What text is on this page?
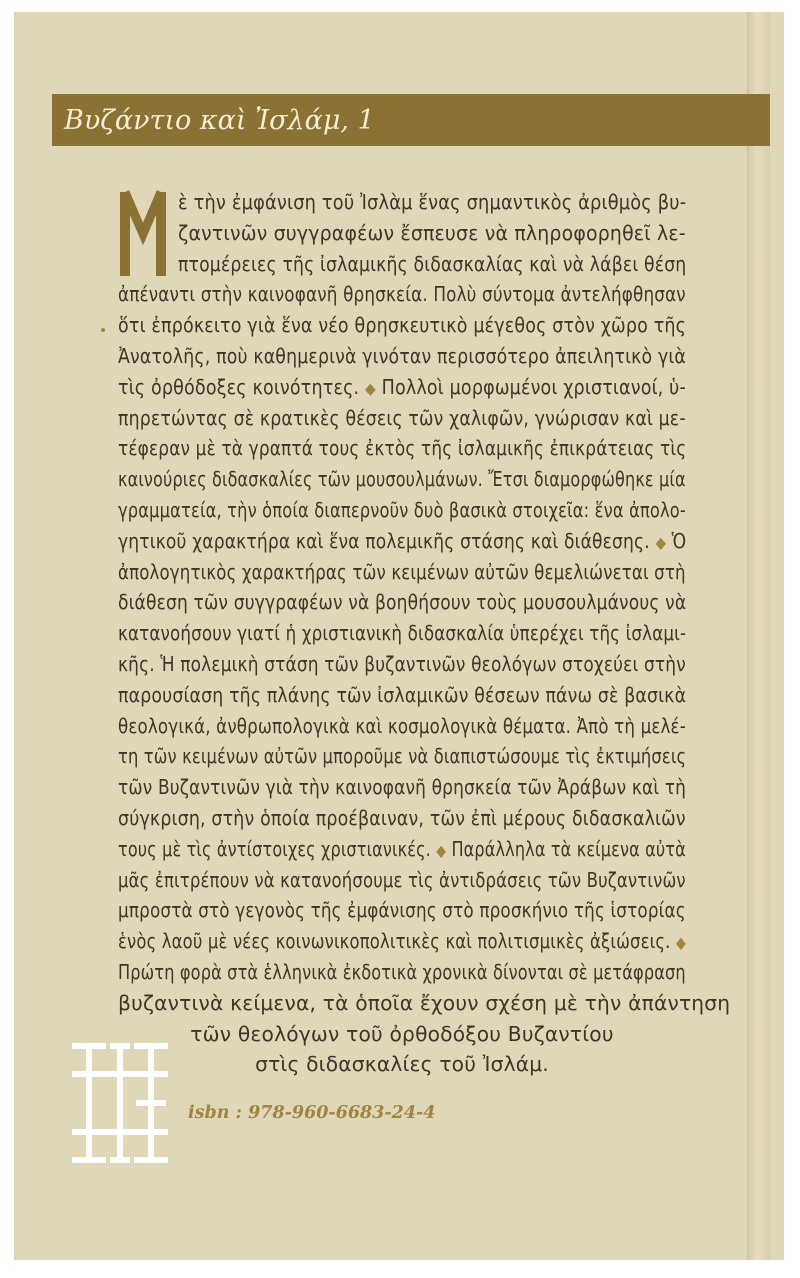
Βυζάντιο καὶ Ἰσλάμ, 1
ὲ τὴν ἐμφάνιση τοῦ Ἰσλὰμ ἕνας σημαντικὸς ἀριθμὸς βυ-
ζαντινῶν συγγραφέων ἔσπευσε νὰ πληροφορηθεῖ λε-
πτομέρειες τῆς ἰσλαμικῆς διδασκαλίας καὶ νὰ λάβει θέση
ἀπέναντι στὴν καινοφανῆ θρησκεία. Πολὺ σύντομα ἀντελήφθησαν
ὅτι ἐπρόκειτο γιὰ ἕνα νέο θρησκευτικὸ μέγεθος στὸν χῶρο τῆς
Ἀνατολῆς, ποὺ καθημερινὰ γινόταν περισσότερο ἀπειλητικὸ γιὰ
τὶς ὀρθόδοξες κοινότητες. ◆ Πολλοὶ μορφωμένοι χριστιανοί, ὑ-
πηρετώντας σὲ κρατικὲς θέσεις τῶν χαλιφῶν, γνώρισαν καὶ με-
τέφεραν μὲ τὰ γραπτά τους ἐκτὸς τῆς ἰσλαμικῆς ἐπικράτειας τὶς
καινούριες διδασκαλίες τῶν μουσουλμάνων. Ἔτσι διαμορφώθηκε μία
γραμματεία, τὴν ὁποία διαπερνοῦν δυὸ βασικὰ στοιχεῖα: ἕνα ἀπολο-
γητικοῦ χαρακτήρα καὶ ἕνα πολεμικῆς στάσης καὶ διάθεσης. ◆ Ὁ
ἀπολογητικὸς χαρακτήρας τῶν κειμένων αὐτῶν θεμελιώνεται στὴ
διάθεση τῶν συγγραφέων νὰ βοηθήσουν τοὺς μουσουλμάνους νὰ
κατανοήσουν γιατί ἡ χριστιανικὴ διδασκαλία ὑπερέχει τῆς ἰσλαμι-
κῆς. Ἡ πολεμικὴ στάση τῶν βυζαντινῶν θεολόγων στοχεύει στὴν
παρουσίαση τῆς πλάνης τῶν ἰσλαμικῶν θέσεων πάνω σὲ βασικὰ
θεολογικά, ἀνθρωπολογικὰ καὶ κοσμολογικὰ θέματα. Ἀπὸ τὴ μελέ-
τη τῶν κειμένων αὐτῶν μποροῦμε νὰ διαπιστώσουμε τὶς ἐκτιμήσεις
τῶν Βυζαντινῶν γιὰ τὴν καινοφανῆ θρησκεία τῶν Ἀράβων καὶ τὴ
σύγκριση, στὴν ὁποία προέβαιναν, τῶν ἐπὶ μέρους διδασκαλιῶν
τους μὲ τὶς ἀντίστοιχες χριστιανικές. ◆ Παράλληλα τὰ κείμενα αὐτὰ
μᾶς ἐπιτρέπουν νὰ κατανοήσουμε τὶς ἀντιδράσεις τῶν Βυζαντινῶν
μπροστὰ στὸ γεγονὸς τῆς ἐμφάνισης στὸ προσκήνιο τῆς ἱστορίας
ἑνὸς λαοῦ μὲ νέες κοινωνικοπολιτικὲς καὶ πολιτισμικὲς ἀξιώσεις. ◆
Πρώτη φορὰ στὰ ἑλληνικὰ ἐκδοτικὰ χρονικὰ δίνονται σὲ μετάφραση
βυζαντινὰ κείμενα, τὰ ὁποῖα ἔχουν σχέση μὲ τὴν ἀπάντηση
τῶν θεολόγων τοῦ ὀρθοδόξου Βυζαντίου
στὶς διδασκαλίες τοῦ Ἰσλάμ.
isbn : 978-960-6683-24-4
